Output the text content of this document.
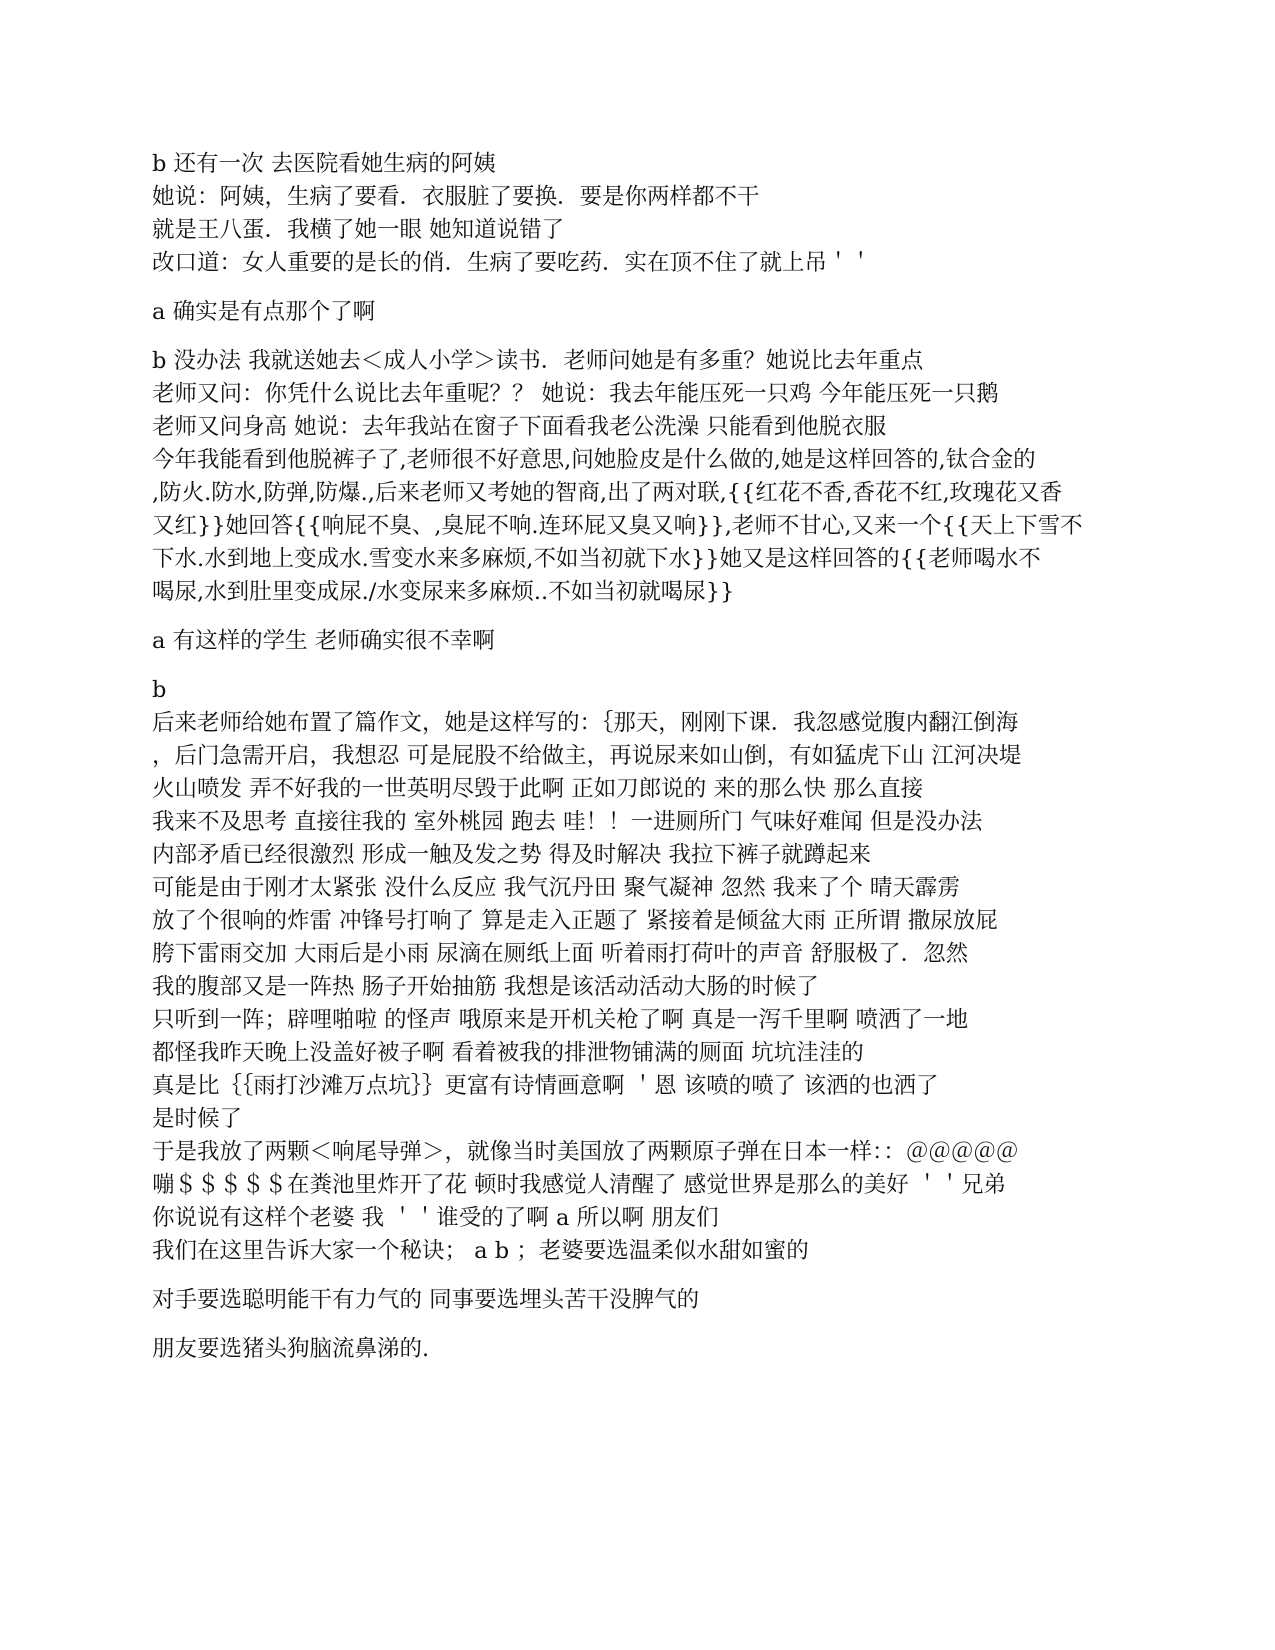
b 还有一次 去医院看她生病的阿姨
她说：阿姨，生病了要看．衣服脏了要换．要是你两样都不干
就是王八蛋．我横了她一眼 她知道说错了
改口道：女人重要的是长的俏．生病了要吃药．实在顶不住了就上吊＇＇
a 确实是有点那个了啊
b 没办法 我就送她去＜成人小学＞读书．老师问她是有多重？她说比去年重点
老师又问：你凭什么说比去年重呢？？ 她说：我去年能压死一只鸡 今年能压死一只鹅
老师又问身高 她说：去年我站在窗子下面看我老公洗澡 只能看到他脱衣服
今年我能看到他脱裤子了,老师很不好意思,问她脸皮是什么做的,她是这样回答的,钛合金的
,防火.防水,防弹,防爆.,后来老师又考她的智商,出了两对联,{{红花不香,香花不红,玫瑰花又香
又红}}她回答{{响屁不臭、,臭屁不响.连环屁又臭又响}},老师不甘心,又来一个{{天上下雪不
下水.水到地上变成水.雪变水来多麻烦,不如当初就下水}}她又是这样回答的{{老师喝水不
喝尿,水到肚里变成尿./水变尿来多麻烦..不如当初就喝尿}}
a 有这样的学生 老师确实很不幸啊
b
后来老师给她布置了篇作文，她是这样写的：｛那天，刚刚下课．我忽感觉腹内翻江倒海
，后门急需开启，我想忍 可是屁股不给做主，再说尿来如山倒，有如猛虎下山 江河决堤
火山喷发 弄不好我的一世英明尽毁于此啊 正如刀郎说的 来的那么快 那么直接
我来不及思考 直接往我的 室外桃园 跑去 哇！！一进厕所门 气味好难闻 但是没办法
内部矛盾已经很激烈 形成一触及发之势 得及时解决 我拉下裤子就蹲起来
可能是由于刚才太紧张 没什么反应 我气沉丹田 聚气凝神 忽然 我来了个 晴天霹雳
放了个很响的炸雷 冲锋号打响了 算是走入正题了 紧接着是倾盆大雨 正所谓 撒尿放屁
胯下雷雨交加 大雨后是小雨 尿滴在厕纸上面 听着雨打荷叶的声音 舒服极了．忽然
我的腹部又是一阵热 肠子开始抽筋 我想是该活动活动大肠的时候了
只听到一阵；辟哩啪啦 的怪声 哦原来是开机关枪了啊 真是一泻千里啊 喷洒了一地
都怪我昨天晚上没盖好被子啊 看着被我的排泄物铺满的厕面 坑坑洼洼的
真是比｛｛雨打沙滩万点坑｝｝更富有诗情画意啊 ＇恩 该喷的喷了 该洒的也洒了
是时候了
于是我放了两颗＜响尾导弹＞，就像当时美国放了两颗原子弹在日本一样：：＠＠＠＠＠
嘣＄＄＄＄＄在粪池里炸开了花 顿时我感觉人清醒了 感觉世界是那么的美好 ＇＇兄弟
你说说有这样个老婆 我 ＇＇谁受的了啊 a 所以啊 朋友们
我们在这里告诉大家一个秘诀； a b ；老婆要选温柔似水甜如蜜的
对手要选聪明能干有力气的 同事要选埋头苦干没脾气的
朋友要选猪头狗脑流鼻涕的.
